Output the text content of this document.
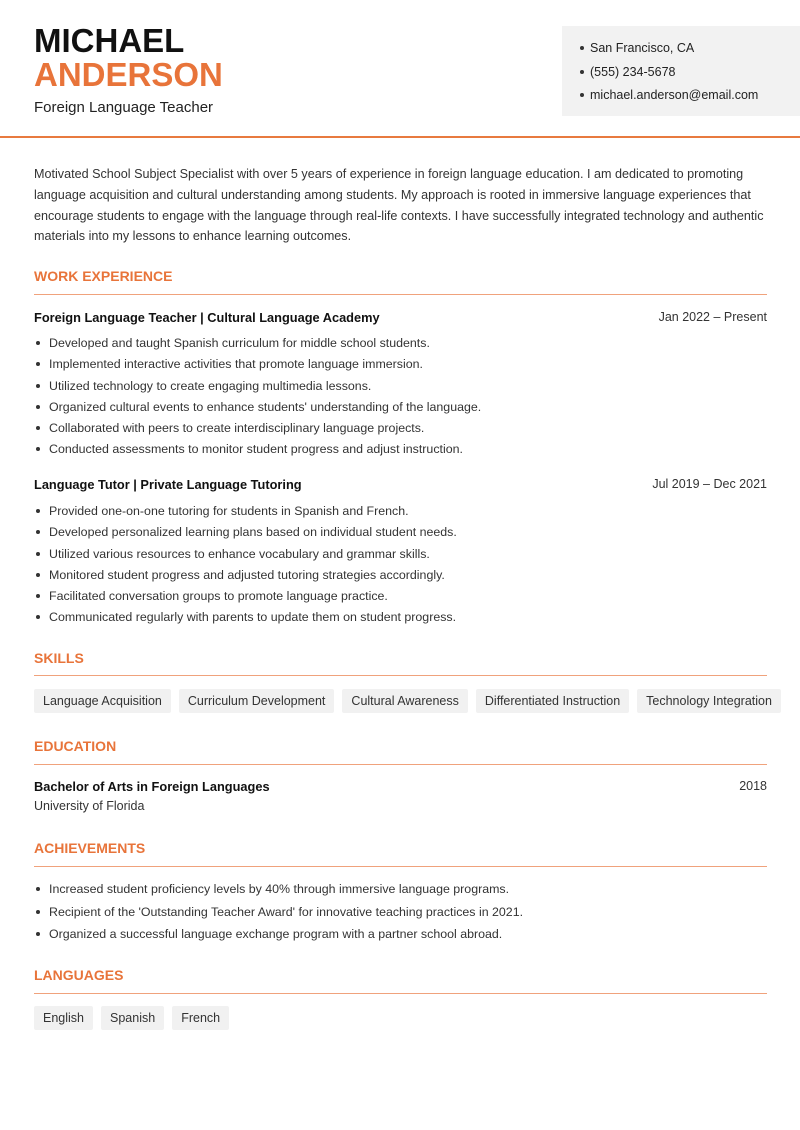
MICHAEL
ANDERSON
Foreign Language Teacher
San Francisco, CA
(555) 234-5678
michael.anderson@email.com

Motivated School Subject Specialist with over 5 years of experience in foreign language education. I am dedicated to promoting language acquisition and cultural understanding among students. My approach is rooted in immersive language experiences that encourage students to engage with the language through real-life contexts. I have successfully integrated technology and authentic materials into my lessons to enhance learning outcomes.

WORK EXPERIENCE
Foreign Language Teacher | Cultural Language Academy	Jan 2022 – Present
Developed and taught Spanish curriculum for middle school students.
Implemented interactive activities that promote language immersion.
Utilized technology to create engaging multimedia lessons.
Organized cultural events to enhance students' understanding of the language.
Collaborated with peers to create interdisciplinary language projects.
Conducted assessments to monitor student progress and adjust instruction.
Language Tutor | Private Language Tutoring	Jul 2019 – Dec 2021
Provided one-on-one tutoring for students in Spanish and French.
Developed personalized learning plans based on individual student needs.
Utilized various resources to enhance vocabulary and grammar skills.
Monitored student progress and adjusted tutoring strategies accordingly.
Facilitated conversation groups to promote language practice.
Communicated regularly with parents to update them on student progress.
SKILLS
Language Acquisition	Curriculum Development	Cultural Awareness	Differentiated Instruction	Technology Integration
EDUCATION
Bachelor of Arts in Foreign Languages	2018
University of Florida
ACHIEVEMENTS
Increased student proficiency levels by 40% through immersive language programs.
Recipient of the 'Outstanding Teacher Award' for innovative teaching practices in 2021.
Organized a successful language exchange program with a partner school abroad.
LANGUAGES
English	Spanish	French
